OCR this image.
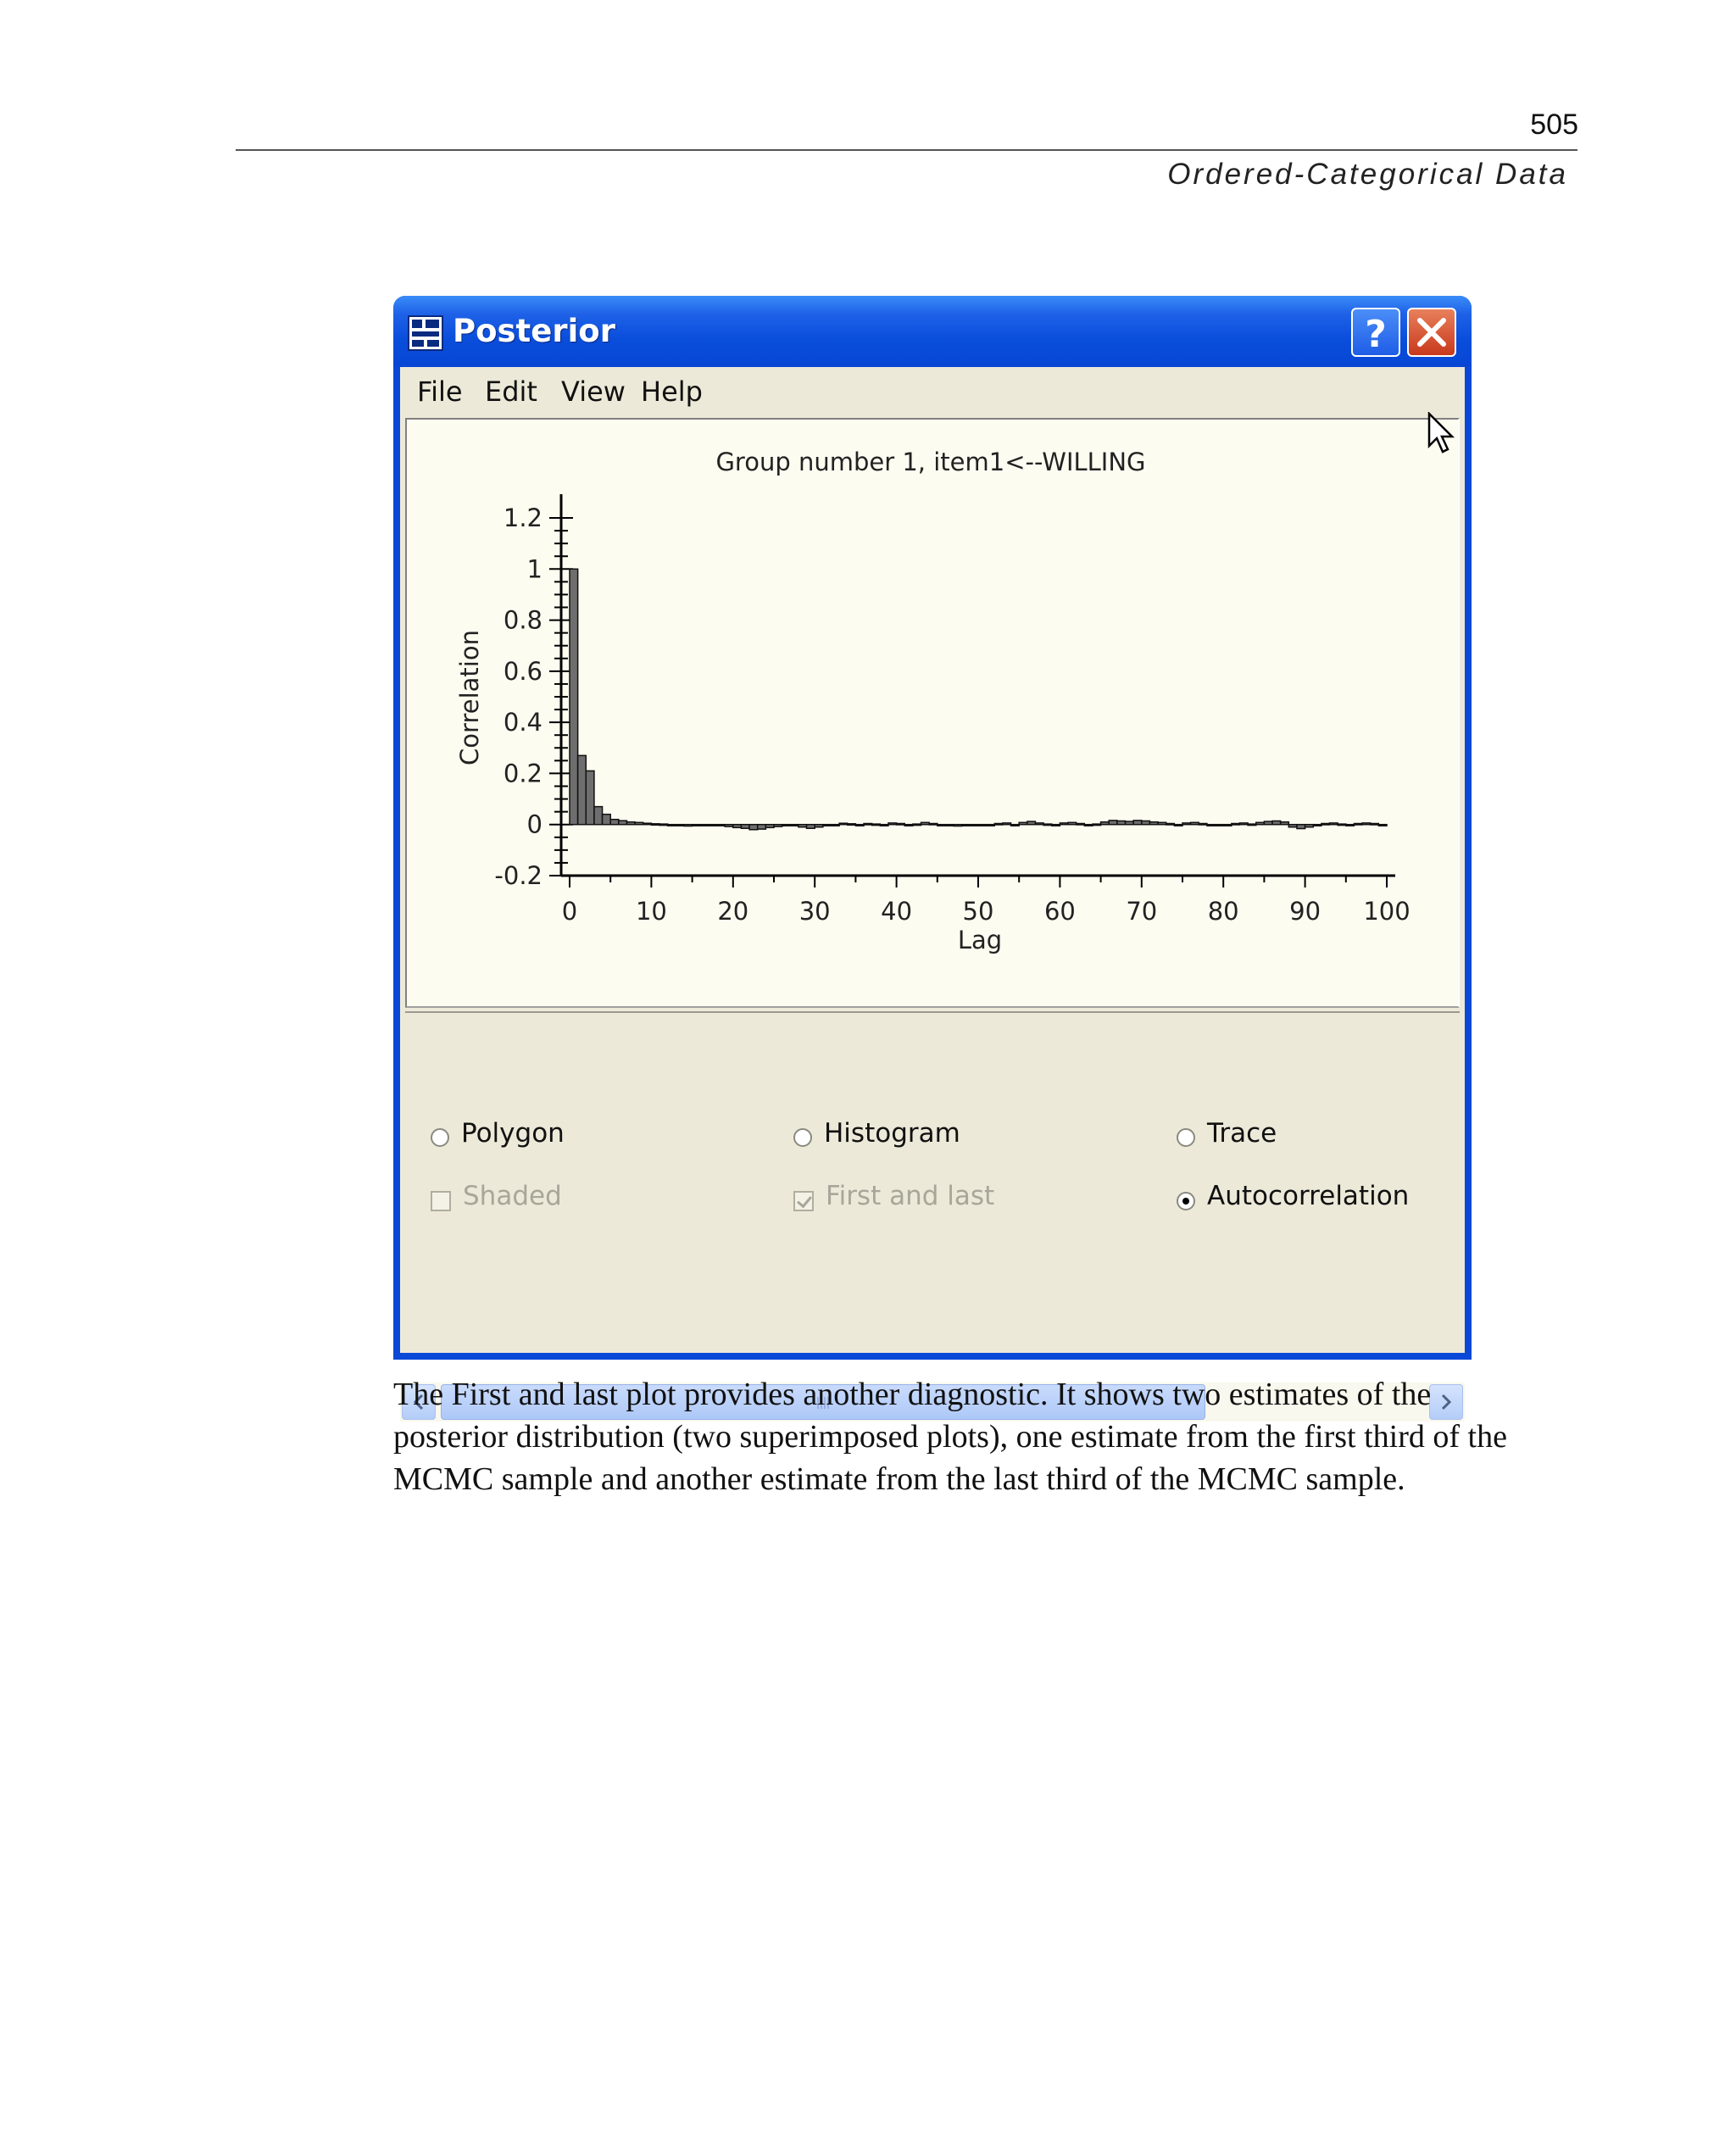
505
Ordered-Categorical Data
Posterior	?
File Edit View Help
Group number 1, item1<--WILLING
Correlation
Lag
1.2
1
0.8
0.6
0.4
0.2
0
-0.2
0 10 20 30 40 50 60 70 80 90 100
Polygon	Histogram	Trace
Shaded	First and last	Autocorrelation

The First and last plot provides another diagnostic. It shows two estimates of the

posterior distribution (two superimposed plots), one estimate from the first third of the

MCMC sample and another estimate from the last third of the MCMC sample.
